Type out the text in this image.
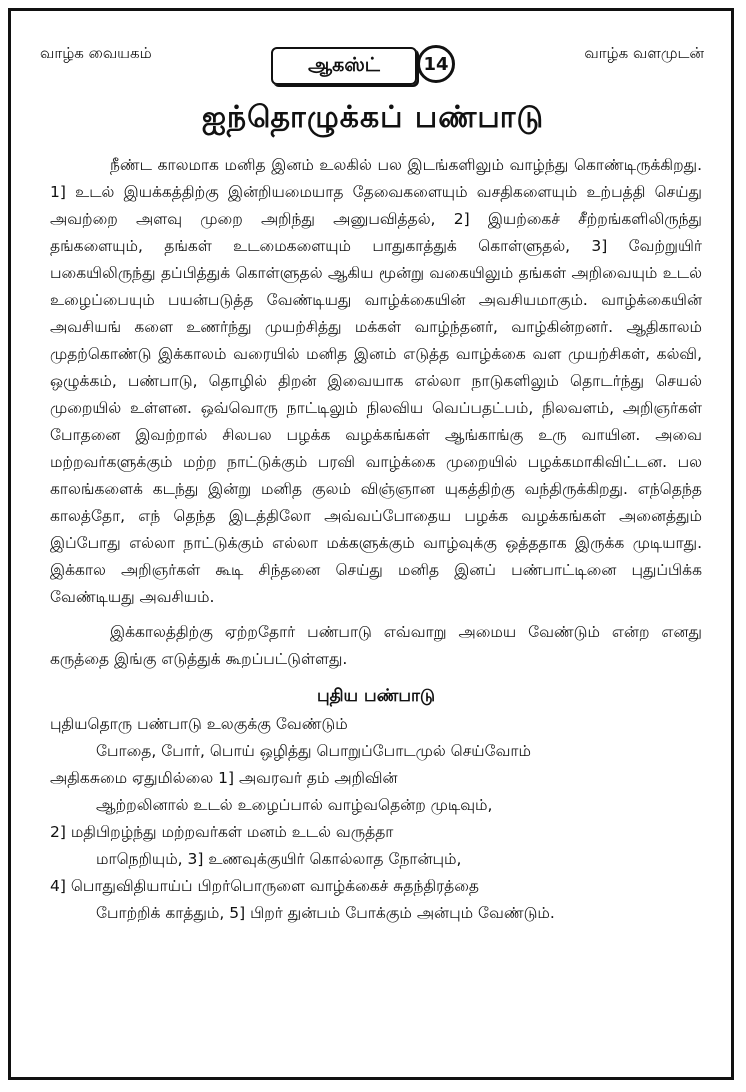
வாழ்க வையகம்	வாழ்க வளமுடன்
ஆகஸ்ட் 14
ஐந்தொழுக்கப் பண்பாடு

நீண்ட காலமாக மனித இனம் உலகில் பல இடங்களிலும் வாழ்ந்து கொண்டிருக்கிறது. 1] உடல் இயக்கத்திற்கு இன்றியமையாத தேவைகளையும் வசதிகளையும் உற்பத்தி செய்து அவற்றை அளவு முறை அறிந்து அனுபவித்தல், 2] இயற்கைச் சீற்றங்களிலிருந்து தங்களையும், தங்கள் உடமைகளையும் பாதுகாத்துக் கொள்ளுதல், 3] வேற்றுயிர் பகையிலிருந்து தப்பித்துக் கொள்ளுதல் ஆகிய மூன்று வகையிலும் தங்கள் அறிவையும் உடல் உழைப்பையும் பயன்படுத்த வேண்டியது வாழ்க்கையின் அவசியமாகும். வாழ்க்கையின் அவசியங் களை உணர்ந்து முயற்சித்து மக்கள் வாழ்ந்தனர், வாழ்கின்றனர். ஆதிகாலம் முதற்கொண்டு இக்காலம் வரையில் மனித இனம் எடுத்த வாழ்க்கை வள முயற்சிகள், கல்வி, ஒழுக்கம், பண்பாடு, தொழில் திறன் இவையாக எல்லா நாடுகளிலும் தொடர்ந்து செயல் முறையில் உள்ளன. ஒவ்வொரு நாட்டிலும் நிலவிய வெப்பதட்பம், நிலவளம், அறிஞர்கள் போதனை இவற்றால் சிலபல பழக்க வழக்கங்கள் ஆங்காங்கு உரு வாயின. அவை மற்றவர்களுக்கும் மற்ற நாட்டுக்கும் பரவி வாழ்க்கை முறையில் பழக்கமாகிவிட்டன. பல காலங்களைக் கடந்து இன்று மனித குலம் விஞ்ஞான யுகத்திற்கு வந்திருக்கிறது. எந்தெந்த காலத்தோ, எந் தெந்த இடத்திலோ அவ்வப்போதைய பழக்க வழக்கங்கள் அனைத்தும் இப்போது எல்லா நாட்டுக்கும் எல்லா மக்களுக்கும் வாழ்வுக்கு ஒத்ததாக இருக்க முடியாது. இக்கால அறிஞர்கள் கூடி சிந்தனை செய்து மனித இனப் பண்பாட்டினை புதுப்பிக்க வேண்டியது அவசியம்.

இக்காலத்திற்கு ஏற்றதோர் பண்பாடு எவ்வாறு அமைய வேண்டும் என்ற எனது கருத்தை இங்கு எடுத்துக் கூறப்பட்டுள்ளது.

புதிய பண்பாடு

புதியதொரு பண்பாடு உலகுக்கு வேண்டும்

போதை, போர், பொய் ஒழித்து பொறுப்போடமுல் செய்வோம்

அதிகசுமை ஏதுமில்லை 1] அவரவர் தம் அறிவின்

ஆற்றலினால் உடல் உழைப்பால் வாழ்வதென்ற முடிவும்,

2] மதிபிறழ்ந்து மற்றவர்கள் மனம் உடல் வருத்தா

மாநெறியும், 3] உணவுக்குயிர் கொல்லாத நோன்பும்,

4] பொதுவிதியாய்ப் பிறர்பொருளை வாழ்க்கைச் சுதந்திரத்தை

போற்றிக் காத்தும், 5] பிறர் துன்பம் போக்கும் அன்பும் வேண்டும்.
